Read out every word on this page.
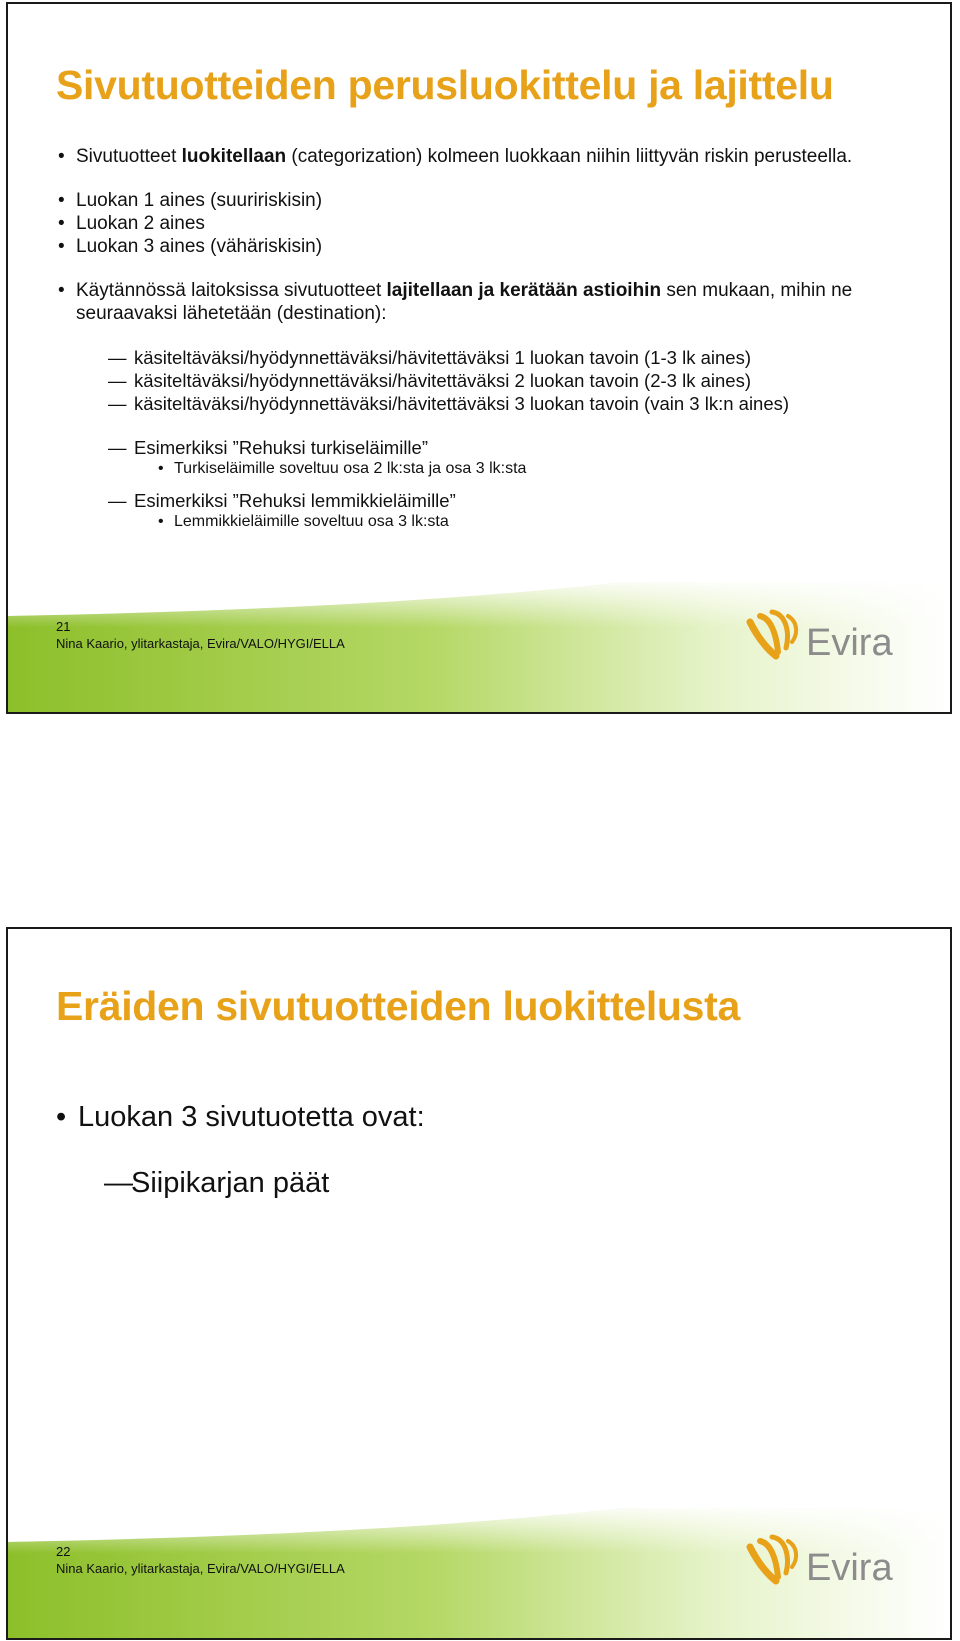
Sivutuotteiden perusluokittelu ja lajittelu
• Sivutuotteet luokitellaan (categorization) kolmeen luokkaan niihin liittyvän riskin perusteella.
• Luokan 1 aines (suuririskisin)
• Luokan 2 aines
• Luokan 3 aines (vähäriskisin)
• Käytännössä laitoksissa sivutuotteet lajitellaan ja kerätään astioihin sen mukaan, mihin ne seuraavaksi lähetetään (destination):
— käsiteltäväksi/hyödynnettäväksi/hävitettäväksi 1 luokan tavoin (1-3 lk aines)
— käsiteltäväksi/hyödynnettäväksi/hävitettäväksi 2 luokan tavoin (2-3 lk aines)
— käsiteltäväksi/hyödynnettäväksi/hävitettäväksi 3 luokan tavoin (vain 3 lk:n aines)
— Esimerkiksi ”Rehuksi turkiseläimille”
• Turkiseläimille soveltuu osa 2 lk:sta ja osa 3 lk:sta
— Esimerkiksi ”Rehuksi lemmikkieläimille”
• Lemmikkieläimille soveltuu osa 3 lk:sta
21
Nina Kaario, ylitarkastaja, Evira/VALO/HYGI/ELLA	Evira
Eräiden sivutuotteiden luokittelusta
• Luokan 3 sivutuotetta ovat:
— Siipikarjan päät
22
Nina Kaario, ylitarkastaja, Evira/VALO/HYGI/ELLA	Evira
